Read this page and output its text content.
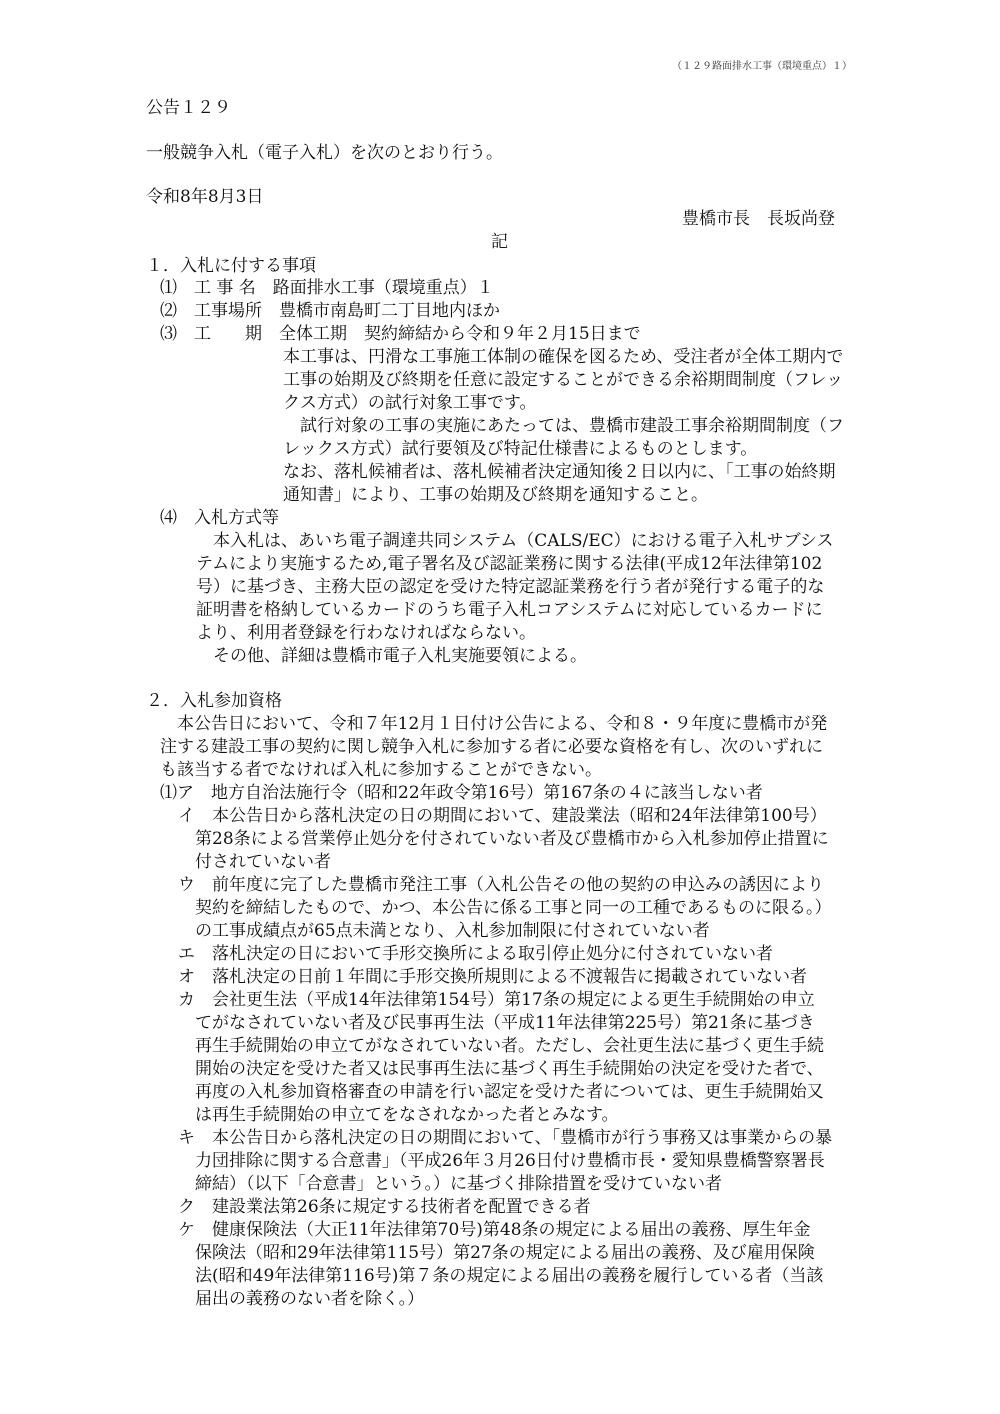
（１２９路面排水工事（環境重点）１）
公告１２９
一般競争入札（電子入札）を次のとおり行う。
令和8年8月3日
豊橋市長　長坂尚登
記
１．入札に付する事項
⑴　工 事 名　路面排水工事（環境重点）１
⑵　工事場所　豊橋市南島町二丁目地内ほか
⑶　工　　期　全体工期　契約締結から令和９年２月15日まで
本工事は、円滑な工事施工体制の確保を図るため、受注者が全体工期内で
工事の始期及び終期を任意に設定することができる余裕期間制度（フレッ
クス方式）の試行対象工事です。
　試行対象の工事の実施にあたっては、豊橋市建設工事余裕期間制度（フ
レックス方式）試行要領及び特記仕様書によるものとします。
なお、落札候補者は、落札候補者決定通知後２日以内に、「工事の始終期
通知書」により、工事の始期及び終期を通知すること。
⑷　入札方式等
　本入札は、あいち電子調達共同システム（CALS/EC）における電子入札サブシス
テムにより実施するため,電子署名及び認証業務に関する法律(平成12年法律第102
号）に基づき、主務大臣の認定を受けた特定認証業務を行う者が発行する電子的な
証明書を格納しているカードのうち電子入札コアシステムに対応しているカードに
より、利用者登録を行わなければならない。
　その他、詳細は豊橋市電子入札実施要領による。
２．入札参加資格
　本公告日において、令和７年12月１日付け公告による、令和８・９年度に豊橋市が発
注する建設工事の契約に関し競争入札に参加する者に必要な資格を有し、次のいずれに
も該当する者でなければ入札に参加することができない。
⑴ア　地方自治法施行令（昭和22年政令第16号）第167条の４に該当しない者
イ　本公告日から落札決定の日の期間において、建設業法（昭和24年法律第100号）
　第28条による営業停止処分を付されていない者及び豊橋市から入札参加停止措置に
　付されていない者
ウ　前年度に完了した豊橋市発注工事（入札公告その他の契約の申込みの誘因により
　契約を締結したもので、かつ、本公告に係る工事と同一の工種であるものに限る。）
　の工事成績点が65点未満となり、入札参加制限に付されていない者
エ　落札決定の日において手形交換所による取引停止処分に付されていない者
オ　落札決定の日前１年間に手形交換所規則による不渡報告に掲載されていない者
カ　会社更生法（平成14年法律第154号）第17条の規定による更生手続開始の申立
　てがなされていない者及び民事再生法（平成11年法律第225号）第21条に基づき
　再生手続開始の申立てがなされていない者。ただし、会社更生法に基づく更生手続
　開始の決定を受けた者又は民事再生法に基づく再生手続開始の決定を受けた者で、
　再度の入札参加資格審査の申請を行い認定を受けた者については、更生手続開始又
　は再生手続開始の申立てをなされなかった者とみなす。
キ　本公告日から落札決定の日の期間において、「豊橋市が行う事務又は事業からの暴
　力団排除に関する合意書」（平成26年３月26日付け豊橋市長・愛知県豊橋警察署長
　締結）（以下「合意書」という。）に基づく排除措置を受けていない者
ク　建設業法第26条に規定する技術者を配置できる者
ケ　健康保険法（大正11年法律第70号)第48条の規定による届出の義務、厚生年金
　保険法（昭和29年法律第115号）第27条の規定による届出の義務、及び雇用保険
　法(昭和49年法律第116号)第７条の規定による届出の義務を履行している者（当該
　届出の義務のない者を除く。）
